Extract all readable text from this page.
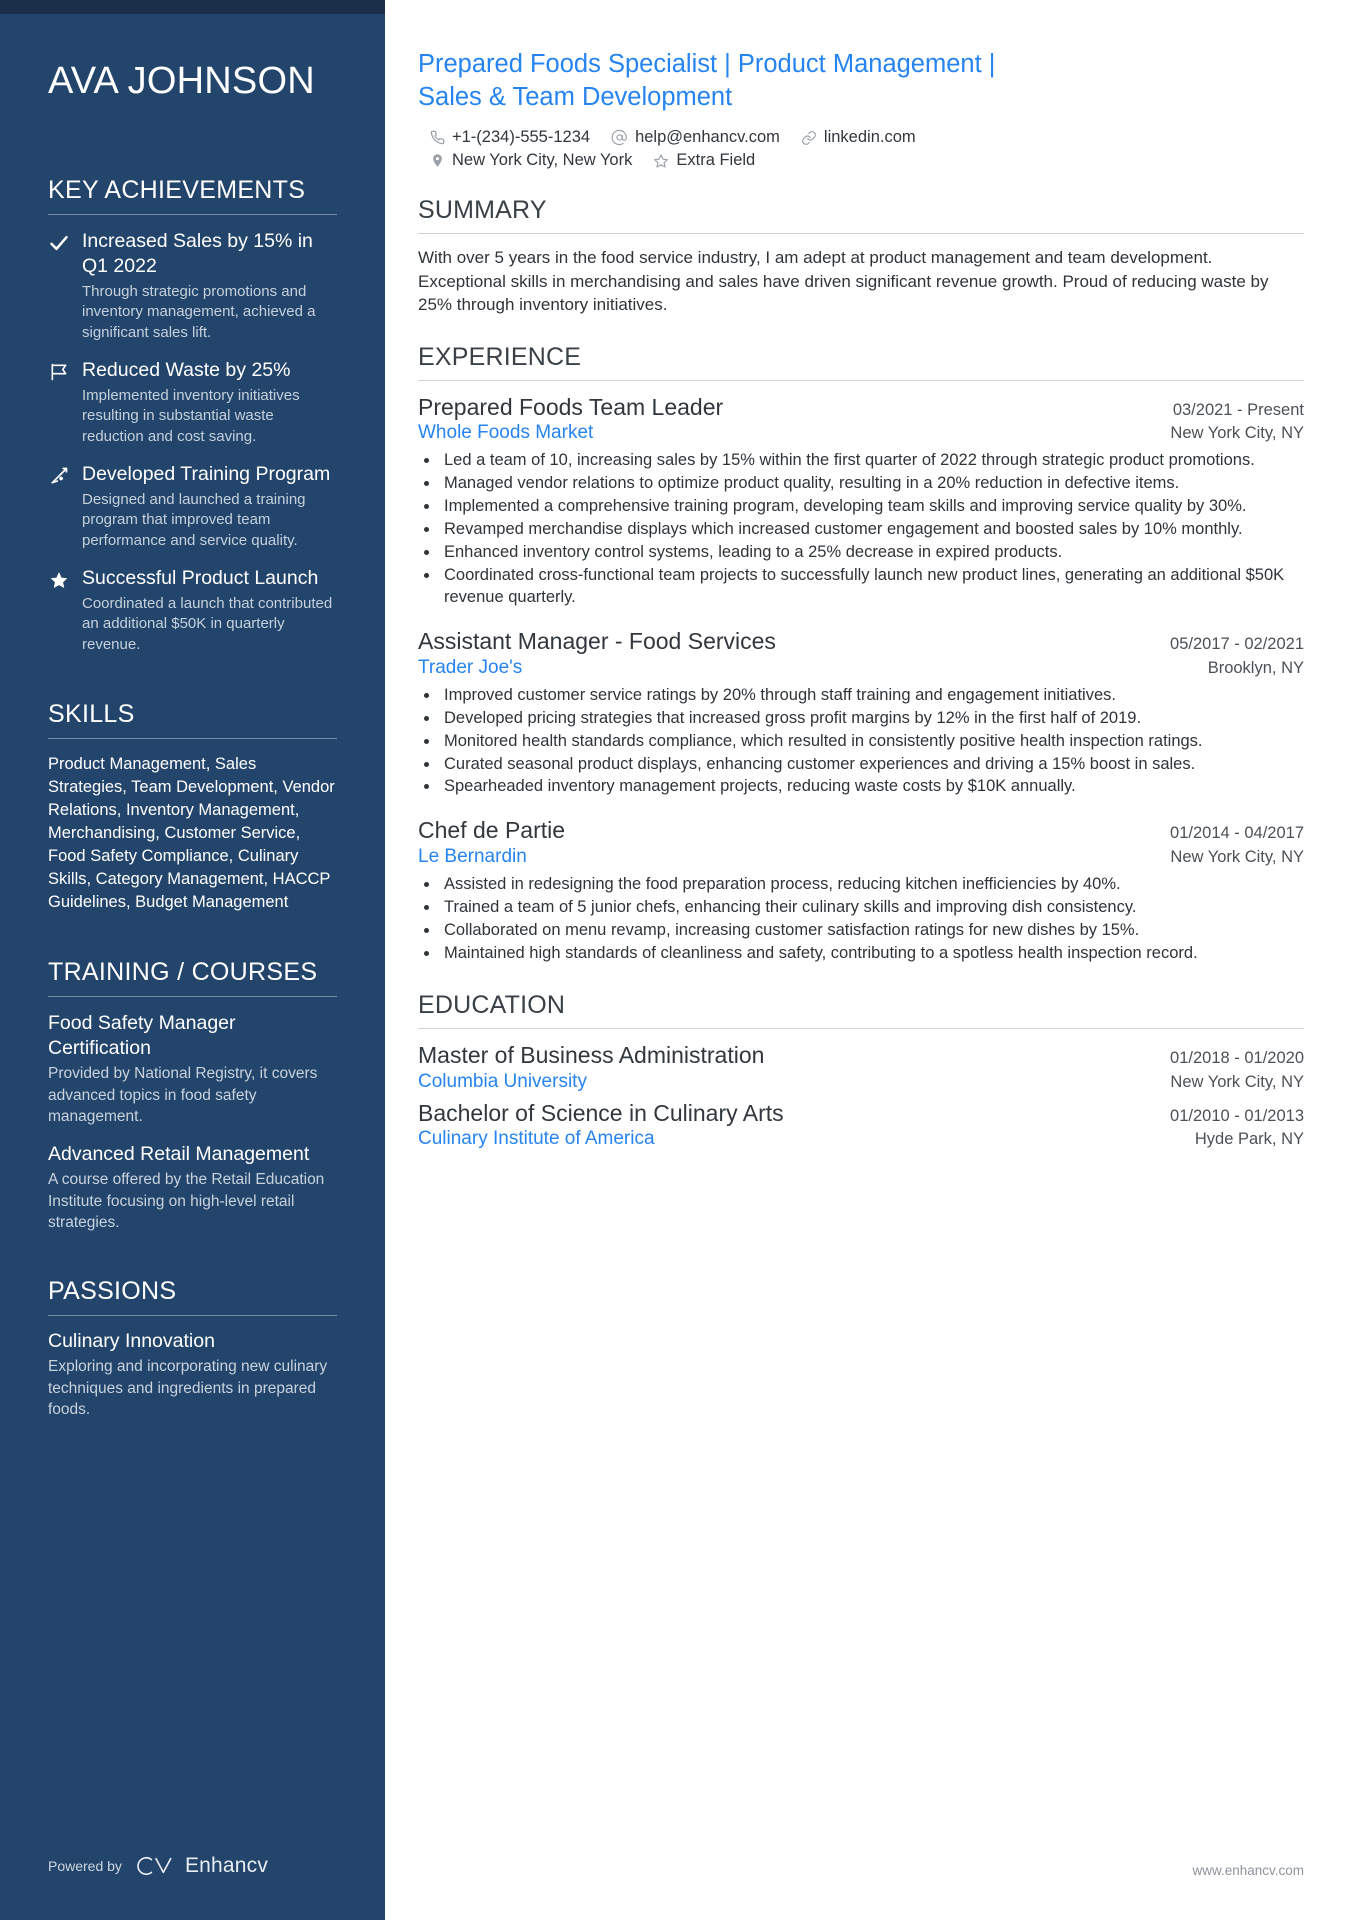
AVA JOHNSON
KEY ACHIEVEMENTS
Increased Sales by 15% in Q1 2022
Through strategic promotions and inventory management, achieved a significant sales lift.
Reduced Waste by 25%
Implemented inventory initiatives resulting in substantial waste reduction and cost saving.
Developed Training Program
Designed and launched a training program that improved team performance and service quality.
Successful Product Launch
Coordinated a launch that contributed an additional $50K in quarterly revenue.
SKILLS
Product Management, Sales Strategies, Team Development, Vendor Relations, Inventory Management, Merchandising, Customer Service, Food Safety Compliance, Culinary Skills, Category Management, HACCP Guidelines, Budget Management
TRAINING / COURSES
Food Safety Manager Certification
Provided by National Registry, it covers advanced topics in food safety management.
Advanced Retail Management
A course offered by the Retail Education Institute focusing on high-level retail strategies.
PASSIONS
Culinary Innovation
Exploring and incorporating new culinary techniques and ingredients in prepared foods.
Powered by	Enhancv
Prepared Foods Specialist | Product Management | Sales & Team Development
+1-(234)-555-1234	help@enhancv.com	linkedin.com
New York City, New York	Extra Field
SUMMARY

With over 5 years in the food service industry, I am adept at product management and team development. Exceptional skills in merchandising and sales have driven significant revenue growth. Proud of reducing waste by 25% through inventory initiatives.

EXPERIENCE
Prepared Foods Team Leader	03/2021 - Present
Whole Foods Market	New York City, NY
• Led a team of 10, increasing sales by 15% within the first quarter of 2022 through strategic product promotions.
• Managed vendor relations to optimize product quality, resulting in a 20% reduction in defective items.
• Implemented a comprehensive training program, developing team skills and improving service quality by 30%.
• Revamped merchandise displays which increased customer engagement and boosted sales by 10% monthly.
• Enhanced inventory control systems, leading to a 25% decrease in expired products.
• Coordinated cross-functional team projects to successfully launch new product lines, generating an additional $50K revenue quarterly.
Assistant Manager - Food Services	05/2017 - 02/2021
Trader Joe's	Brooklyn, NY
• Improved customer service ratings by 20% through staff training and engagement initiatives.
• Developed pricing strategies that increased gross profit margins by 12% in the first half of 2019.
• Monitored health standards compliance, which resulted in consistently positive health inspection ratings.
• Curated seasonal product displays, enhancing customer experiences and driving a 15% boost in sales.
• Spearheaded inventory management projects, reducing waste costs by $10K annually.
Chef de Partie	01/2014 - 04/2017
Le Bernardin	New York City, NY
• Assisted in redesigning the food preparation process, reducing kitchen inefficiencies by 40%.
• Trained a team of 5 junior chefs, enhancing their culinary skills and improving dish consistency.
• Collaborated on menu revamp, increasing customer satisfaction ratings for new dishes by 15%.
• Maintained high standards of cleanliness and safety, contributing to a spotless health inspection record.
EDUCATION
Master of Business Administration	01/2018 - 01/2020
Columbia University	New York City, NY
Bachelor of Science in Culinary Arts	01/2010 - 01/2013
Culinary Institute of America	Hyde Park, NY
www.enhancv.com
